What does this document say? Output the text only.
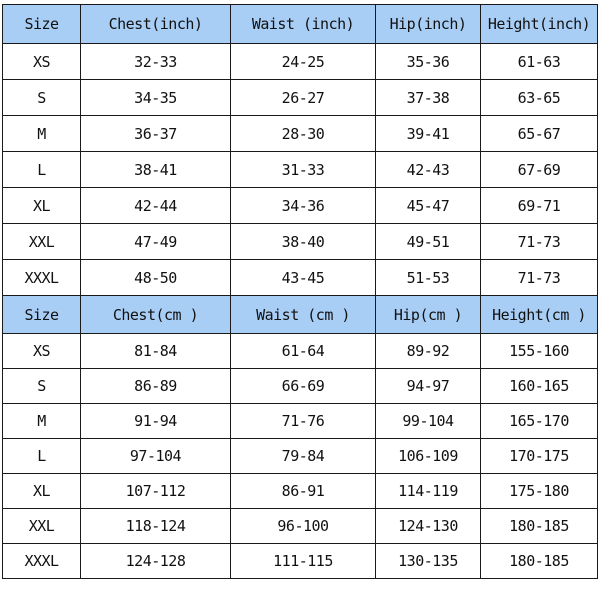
Size	Chest(inch)	Waist (inch)	Hip(inch)	Height(inch)
XS	32-33	24-25	35-36	61-63
S	34-35	26-27	37-38	63-65
M	36-37	28-30	39-41	65-67
L	38-41	31-33	42-43	67-69
XL	42-44	34-36	45-47	69-71
XXL	47-49	38-40	49-51	71-73
XXXL	48-50	43-45	51-53	71-73
Size	Chest(cm )	Waist (cm )	Hip(cm )	Height(cm )
XS	81-84	61-64	89-92	155-160
S	86-89	66-69	94-97	160-165
M	91-94	71-76	99-104	165-170
L	97-104	79-84	106-109	170-175
XL	107-112	86-91	114-119	175-180
XXL	118-124	96-100	124-130	180-185
XXXL	124-128	111-115	130-135	180-185
